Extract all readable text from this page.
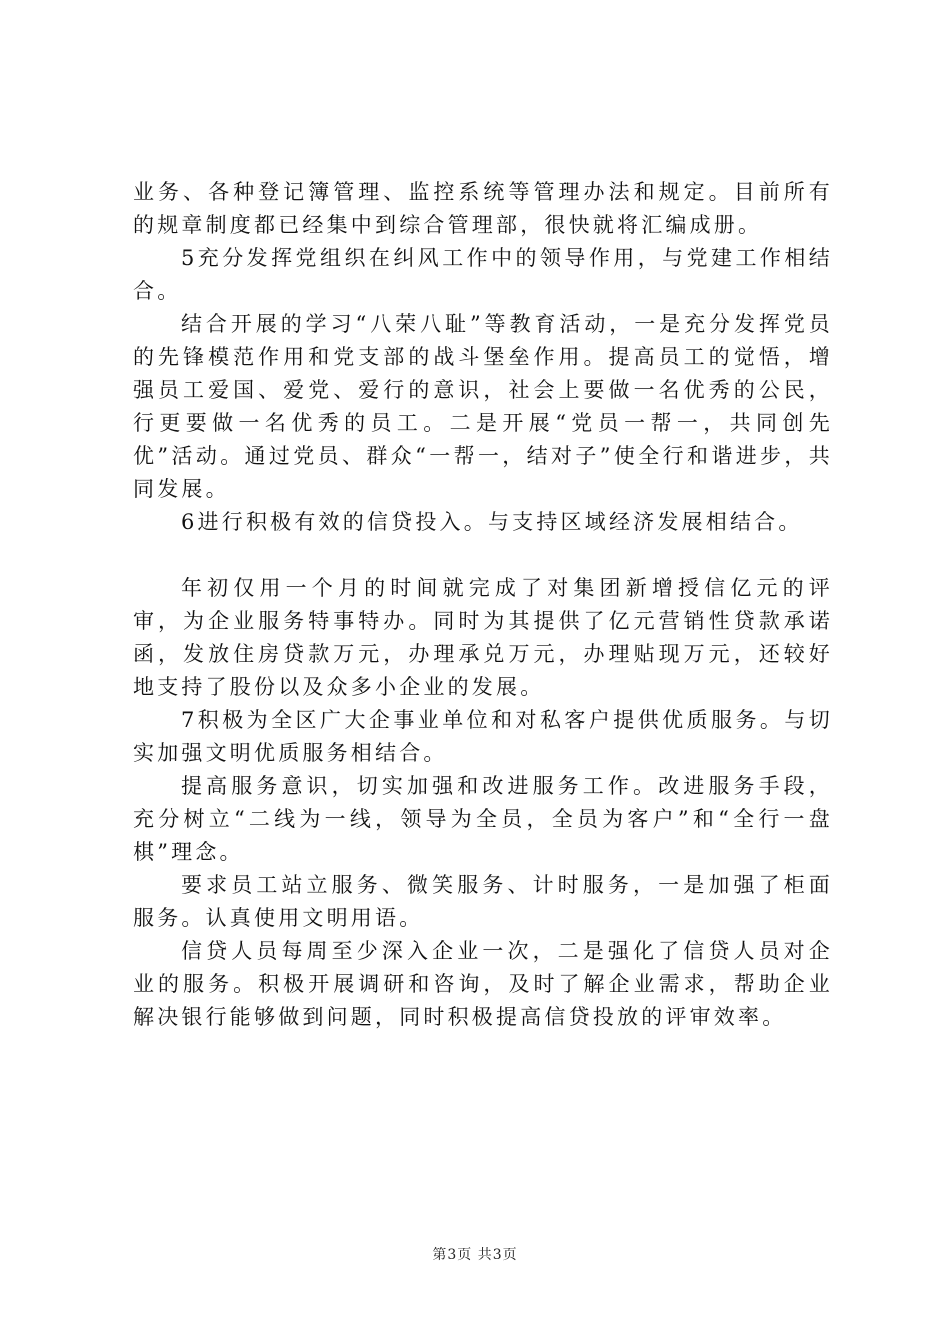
业务、各种登记簿管理、监控系统等管理办法和规定。目前所有的规章制度都已经集中到综合管理部，很快就将汇编成册。

5充分发挥党组织在纠风工作中的领导作用，与党建工作相结合。

结合开展的学习“八荣八耻”等教育活动，一是充分发挥党员的先锋模范作用和党支部的战斗堡垒作用。提高员工的觉悟，增强员工爱国、爱党、爱行的意识，社会上要做一名优秀的公民，行更要做一名优秀的员工。二是开展“党员一帮一，共同创先优”活动。通过党员、群众“一帮一，结对子”使全行和谐进步，共同发展。

6进行积极有效的信贷投入。与支持区域经济发展相结合。

年初仅用一个月的时间就完成了对集团新增授信亿元的评审，为企业服务特事特办。同时为其提供了亿元营销性贷款承诺函，发放住房贷款万元，办理承兑万元，办理贴现万元，还较好地支持了股份以及众多小企业的发展。

7积极为全区广大企事业单位和对私客户提供优质服务。与切实加强文明优质服务相结合。

提高服务意识，切实加强和改进服务工作。改进服务手段，充分树立“二线为一线，领导为全员，全员为客户”和“全行一盘棋”理念。

要求员工站立服务、微笑服务、计时服务，一是加强了柜面服务。认真使用文明用语。

信贷人员每周至少深入企业一次，二是强化了信贷人员对企业的服务。积极开展调研和咨询，及时了解企业需求，帮助企业解决银行能够做到问题，同时积极提高信贷投放的评审效率。

第3页 共3页
